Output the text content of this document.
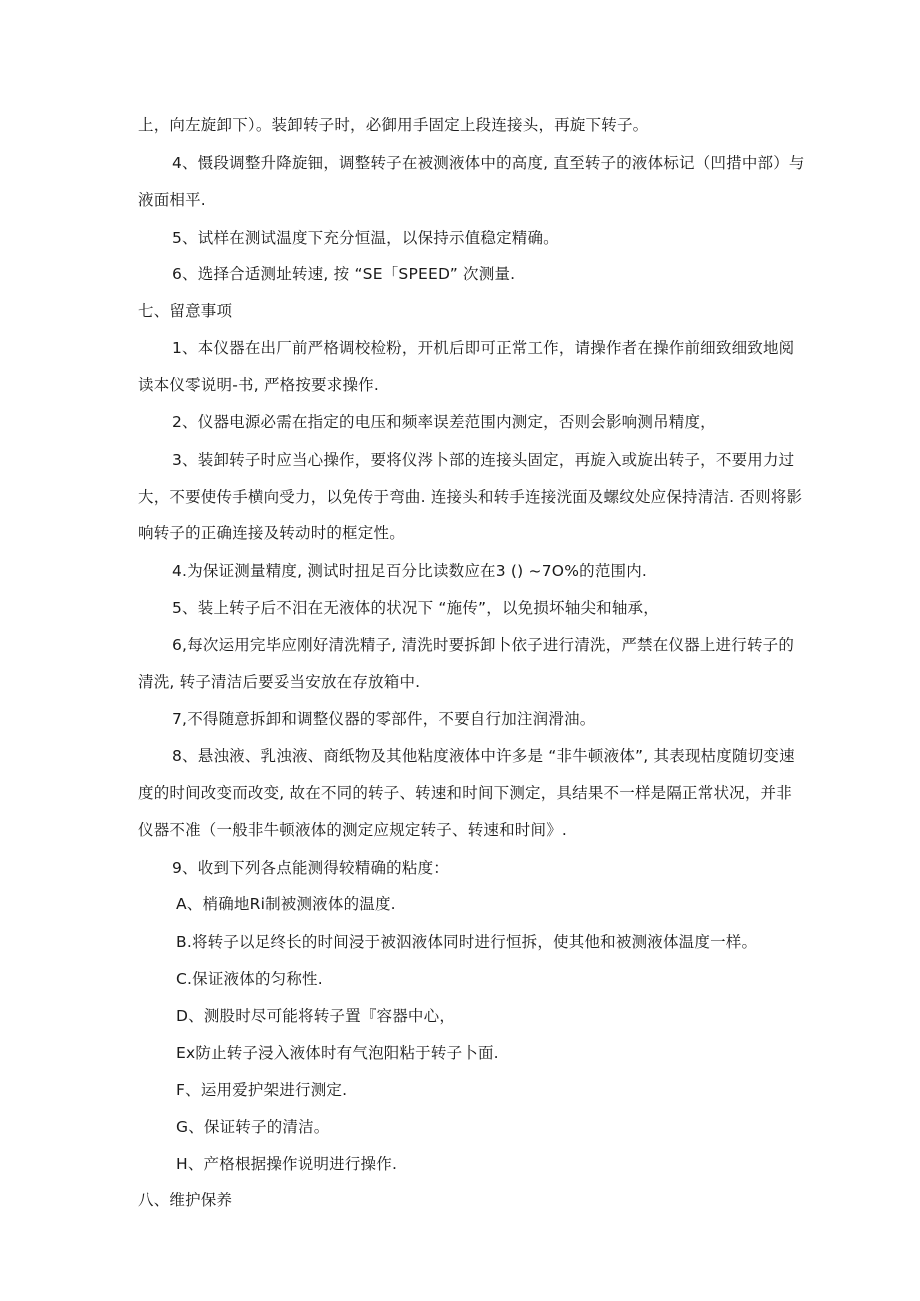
上，向左旋卸下）。装卸转子时，必御用手固定上段连接头，再旋下转子。
4、慑段调整升降旋钿，调整转子在被测液体中的高度, 直至转子的液体标记（凹措中部）与
液面相平.
5、试样在测试温度下充分恒温，以保持示值稳定精确。
6、选择合适测址转速, 按 “SE「SPEED” 次测量.
七、留意事项
1、本仪器在出厂前严格调校检粉，开机后即可正常工作，请操作者在操作前细致细致地阅
读本仪零说明-书, 严格按要求操作.
2、仪器电源必需在指定的电压和频率误差范围内测定，否则会影响测吊精度，
3、装卸转子时应当心操作，要将仪涔卜部的连接头固定，再旋入或旋出转子，不要用力过
大，不要使传手横向受力，以免传于弯曲. 连接头和转手连接洸面及螺纹处应保持清洁. 否则将影
响转子的正确连接及转动时的框定性。
4.为保证测量精度, 测试时扭足百分比读数应在3 () ~7O%的范围内.
5、装上转子后不汨在无液体的状况下 “施传”，以免损坏轴尖和轴承，
6,每次运用完毕应刚好清洗精子, 清洗时要拆卸卜依子进行清洗，严禁在仪器上进行转子的
清洗, 转子清洁后要妥当安放在存放箱中.
7,不得随意拆卸和调整仪器的零部件，不要自行加注润滑油。
8、悬浊液、乳浊液、商纸物及其他粘度液体中许多是 “非牛顿液体”, 其表现枯度随切变速
度的时间改变而改变, 故在不同的转子、转速和时间下测定，具结果不一样是隔正常状况，并非
仪器不准（一般非牛顿液体的测定应规定转子、转速和时间》.
9、收到下列各点能测得较精确的粘度：
A、梢确地Ri制被测液体的温度.
B.将转子以足终长的时间浸于被泅液体同时进行恒拆，使其他和被测液体温度一样。
C.保证液体的匀称性.
D、测股时尽可能将转子置『容器中心，
Ex防止转子浸入液体时有气泡阳粘于转子卜面.
F、运用爱护架进行测定.
G、保证转子的清洁。
H、产格根据操作说明进行操作.
八、维护保养
